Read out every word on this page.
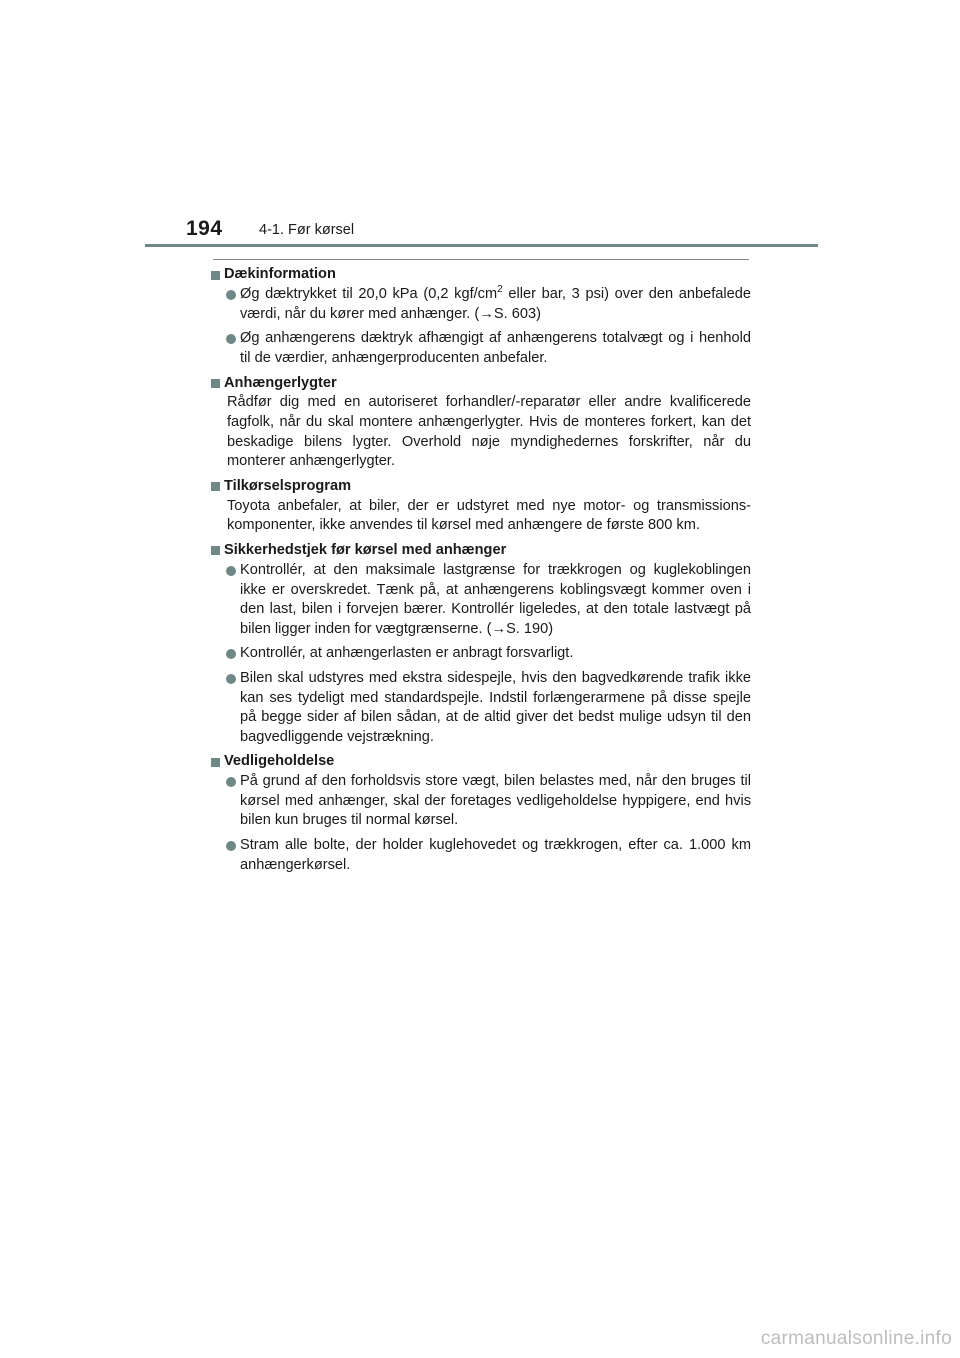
194	4-1. Før kørsel
Dækinformation
Øg dæktrykket til 20,0 kPa (0,2 kgf/$cm^2$ eller bar, 3 psi) over den anbefalede værdi, når du kører med anhænger. (→S. 603)
Øg anhængerens dæktryk afhængigt af anhængerens totalvægt og i henhold til de værdier, anhængerproducenten anbefaler.
Anhængerlygter
Rådfør dig med en autoriseret forhandler/-reparatør eller andre kvalificerede fagfolk, når du skal montere anhængerlygter. Hvis de monteres forkert, kan det beskadige bilens lygter. Overhold nøje myndighedernes forskrifter, når du monterer anhængerlygter.
Tilkørselsprogram
Toyota anbefaler, at biler, der er udstyret med nye motor- og transmissions-komponenter, ikke anvendes til kørsel med anhængere de første 800 km.
Sikkerhedstjek før kørsel med anhænger
Kontrollér, at den maksimale lastgrænse for trækkrogen og kuglekoblingen ikke er overskredet. Tænk på, at anhængerens koblingsvægt kommer oven i den last, bilen i forvejen bærer. Kontrollér ligeledes, at den totale lastvægt på bilen ligger inden for vægtgrænserne. (→S. 190)
Kontrollér, at anhængerlasten er anbragt forsvarligt.
Bilen skal udstyres med ekstra sidespejle, hvis den bagvedkørende trafik ikke kan ses tydeligt med standardspejle. Indstil forlængerarmene på disse spejle på begge sider af bilen sådan, at de altid giver det bedst mulige udsyn til den bagvedliggende vejstrækning.
Vedligeholdelse
På grund af den forholdsvis store vægt, bilen belastes med, når den bruges til kørsel med anhænger, skal der foretages vedligeholdelse hyppigere, end hvis bilen kun bruges til normal kørsel.
Stram alle bolte, der holder kuglehovedet og trækkrogen, efter ca. 1.000 km anhængerkørsel.
carmanualsonline.info
